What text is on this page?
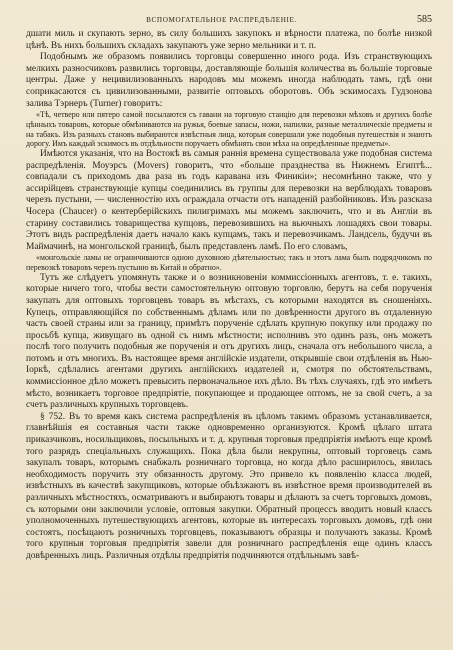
ВСПОМОГАТЕЛЬНОЕ РАСПРЕДѢЛЕНІЕ.	585

дшати миль и скупають зерно, въ силу большихъ закупокъ и вѣрности платежа, по болѣе низкой цѣнѣ. Въ нихъ большихъ складахъ закупаютъ уже зерно мельники и т. п.

Подобнымъ же образомъ появились торговцы совершенно иного рода. Изъ странствующихъ мелкихъ разносчиковъ развились торговцы, доставляющіе большія количества въ большіе торговые центры. Даже у нецивилизованныхъ народовъ мы можемъ иногда наблюдать тамъ, гдѣ они соприкасаются съ цивилизованными, развитіе оптовыхъ оборотовъ. Объ эскимосахъ Гудзонова залива Тэрнеръ (Turner) говоритъ:

«Тѣ, четверо или пятеро самой посылаются съ гавани на торговую станцію для перевозки мѣховъ и другихъ болѣе цѣнныхъ товаровъ, которые обмѣниваются на ружья, боевые запасы, ножи, напилки, разные металлическіе предметы и на табакъ. Изъ разныхъ становъ выбираются извѣстныя лица, которыя совершали уже подобныя путешествія и знаютъ дорогу. Имъ каждый эскимосъ въ отдѣльности поручаетъ обмѣнять свои мѣха на опредѣленные предметы».

Имѣются указанія, что на Востокѣ въ самыя раннія времена существовала уже подобная система распредѣленія. Моуэрсъ (Movers) говоритъ, что «больше празднества въ Нижнемъ Египтѣ... совпадали съ приходомъ два раза въ годъ каравана изъ Финикіи»; несомнѣнно также, что у ассирійцевъ странствующіе купцы соединились въ группы для перевозки на верблюдахъ товаровъ черезъ пустыни, — численностію ихъ ограждала отчасти отъ нападеній разбойниковъ. Изъ разсказа Чосера (Chaucer) о кентерберійскихъ пилигримахъ мы можемъ заключить, что и въ Англіи въ старину составились товарищества купцовъ, перевозившихъ на вьючныхъ лошадяхъ свои товары. Этотъ видъ распредѣленія даетъ начало какъ купцамъ, такъ и перевозчикамъ. Ландсель, будучи въ Маймачинѣ, на монгольской границѣ, былъ представленъ ламѣ. По его словамъ,

«монгольскіе ламы не ограничиваются одною духовною дѣятельностью; такъ и этотъ лама былъ подрядчикомъ по перевозкѣ товаровъ черезъ пустыню въ Китай и обратно».

Тутъ же слѣдуетъ упомянуть также и о возникновеніи коммиссіонныхъ агентовъ, т. е. такихъ, которые ничего того, чтобы вести самостоятельную оптовую торговлю, берутъ на себя порученія закупать для оптовыхъ торговцевъ товаръ въ мѣстахъ, съ которыми находятся въ сношеніяхъ. Купецъ, отправляющійся по собственнымъ дѣламъ или по довѣренности другого въ отдаленную часть своей страны или за границу, примѣтъ порученіе сдѣлать крупную покупку или продажу по просьбѣ купца, живущаго въ одной съ нимъ мѣстности; исполнивъ это одинъ разъ, онъ можетъ послѣ того получить подобныя же порученія и отъ другихъ лицъ, сначала отъ небольшого числа, а потомъ и отъ многихъ. Въ настоящее время англійскіе издатели, открывшіе свои отдѣленія въ Нью-Іоркѣ, сдѣлались агентами другихъ англійскихъ издателей и, смотря по обстоятельствамъ, коммиссіонное дѣло можетъ превысить первоначальное ихъ дѣло. Въ тѣхъ случаяхъ, гдѣ это имѣетъ мѣсто, возникаетъ торговое предпріятіе, покупающее и продающее оптомъ, не за свой счетъ, а за счетъ различныхъ крупныхъ торговцевъ.

§ 752. Въ то время какъ система распредѣленія въ цѣломъ такимъ образомъ устанавливается, главнѣйшія ея составныя части также одновременно организуются. Кромѣ цѣлаго штата приказчиковъ, носильщиковъ, посыльныхъ и т. д. крупныя торговыя предпріятія имѣютъ еще кромѣ того разрядъ спеціальныхъ служащихъ. Пока дѣла были некрупны, оптовый торговецъ самъ закупалъ товаръ, которымъ снабжалъ розничнаго торговца, но когда дѣло расширилось, явилась необходимость поручить эту обязанность другому. Это привело къ появленію класса людей, извѣстныхъ въ качествѣ закупщиковъ, которые объѣзжаютъ въ извѣстное время производителей въ различныхъ мѣстностяхъ, осматриваютъ и выбираютъ товары и дѣлаютъ за счетъ торговыхъ домовъ, съ которыми они заключили условіе, оптовыя закупки. Обратный процессъ вводитъ новый классъ уполномоченныхъ путешествующихъ агентовъ, которые въ интересахъ торговыхъ домовъ, гдѣ они состоятъ, посѣщаютъ розничныхъ торговцевъ, показываютъ образцы и получаютъ заказы. Кромѣ того крупныя торговыя предпріятія завели для розничнаго распредѣленія еще одинъ классъ довѣренныхъ лицъ. Различныя отдѣлы предпріятія подчиняются отдѣльнымъ завѣ-
